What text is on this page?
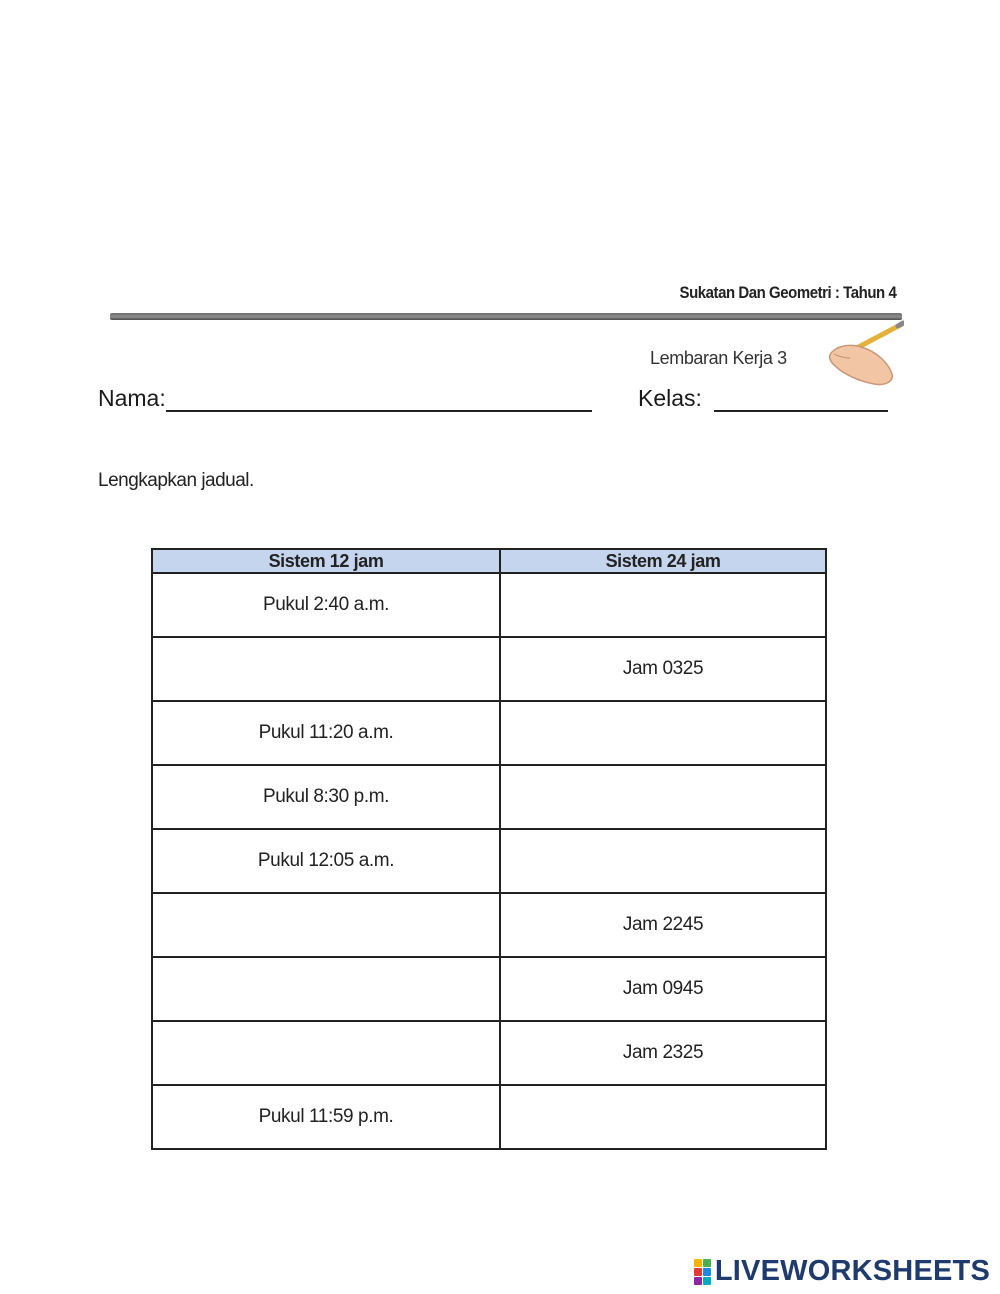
Sukatan Dan Geometri : Tahun 4
Lembaran Kerja 3
Nama:	Kelas:
Lengkapkan jadual.
Sistem 12 jam	Sistem 24 jam
Pukul 2:40 a.m.	
	Jam 0325
Pukul 11:20 a.m.	
Pukul 8:30 p.m.	
Pukul 12:05 a.m.	
	Jam 2245
	Jam 0945
	Jam 2325
Pukul 11:59 p.m.	
LIVEWORKSHEETS
